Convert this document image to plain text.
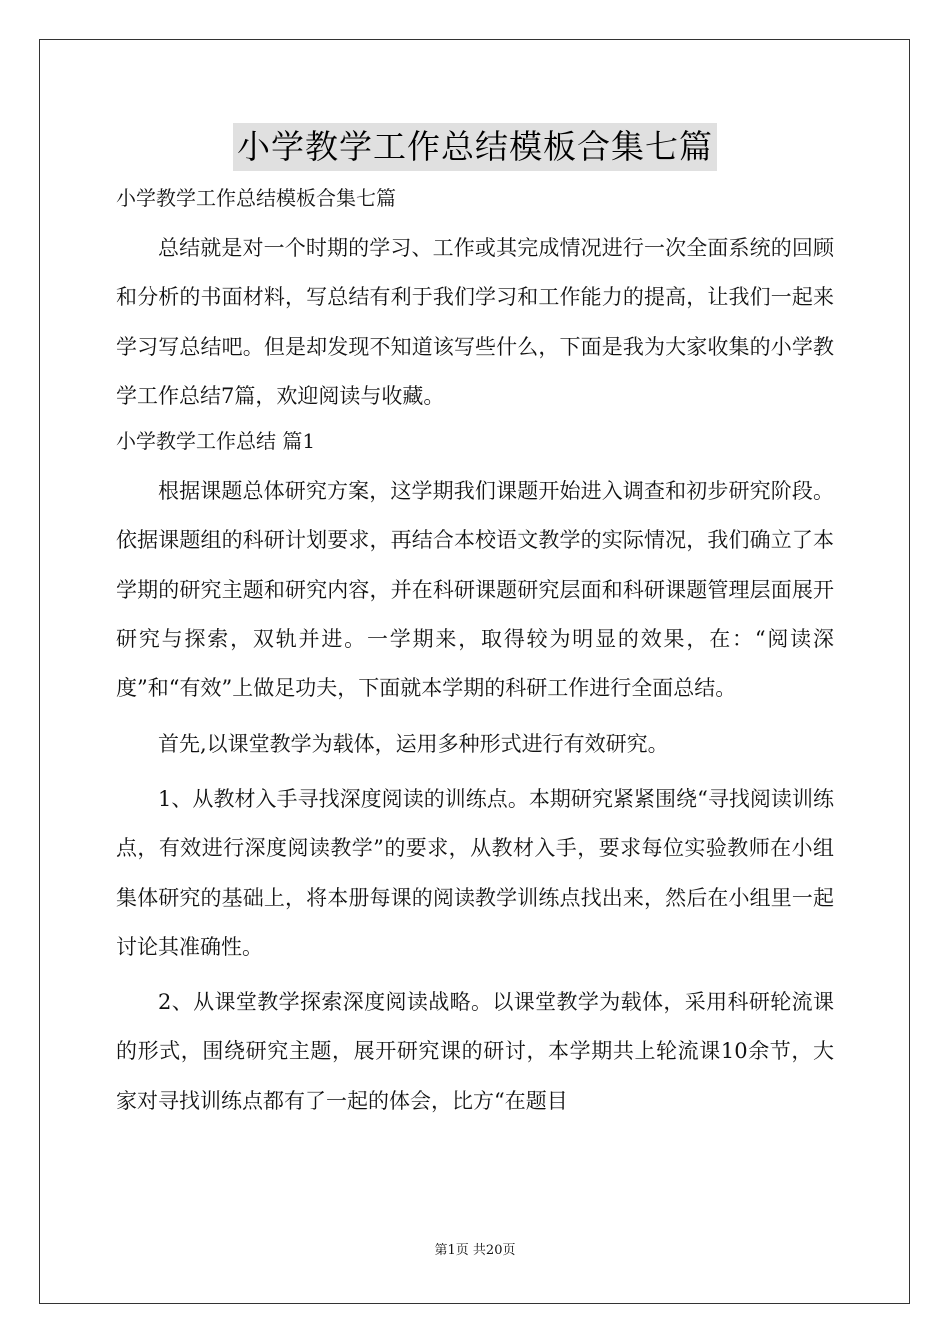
小学教学工作总结模板合集七篇
小学教学工作总结模板合集七篇

总结就是对一个时期的学习、工作或其完成情况进行一次全面系统的回顾和分析的书面材料，写总结有利于我们学习和工作能力的提高，让我们一起来学习写总结吧。但是却发现不知道该写些什么，下面是我为大家收集的小学教学工作总结7篇，欢迎阅读与收藏。

小学教学工作总结 篇1

根据课题总体研究方案，这学期我们课题开始进入调查和初步研究阶段。依据课题组的科研计划要求，再结合本校语文教学的实际情况，我们确立了本学期的研究主题和研究内容，并在科研课题研究层面和科研课题管理层面展开研究与探索，双轨并进。一学期来，取得较为明显的效果，在：“阅读深度”和“有效”上做足功夫，下面就本学期的科研工作进行全面总结。

首先,以课堂教学为载体，运用多种形式进行有效研究。

1、从教材入手寻找深度阅读的训练点。本期研究紧紧围绕“寻找阅读训练点，有效进行深度阅读教学”的要求，从教材入手，要求每位实验教师在小组集体研究的基础上，将本册每课的阅读教学训练点找出来，然后在小组里一起讨论其准确性。

2、从课堂教学探索深度阅读战略。以课堂教学为载体，采用科研轮流课的形式，围绕研究主题，展开研究课的研讨，本学期共上轮流课10余节，大家对寻找训练点都有了一起的体会，比方“在题目

第1页 共20页
